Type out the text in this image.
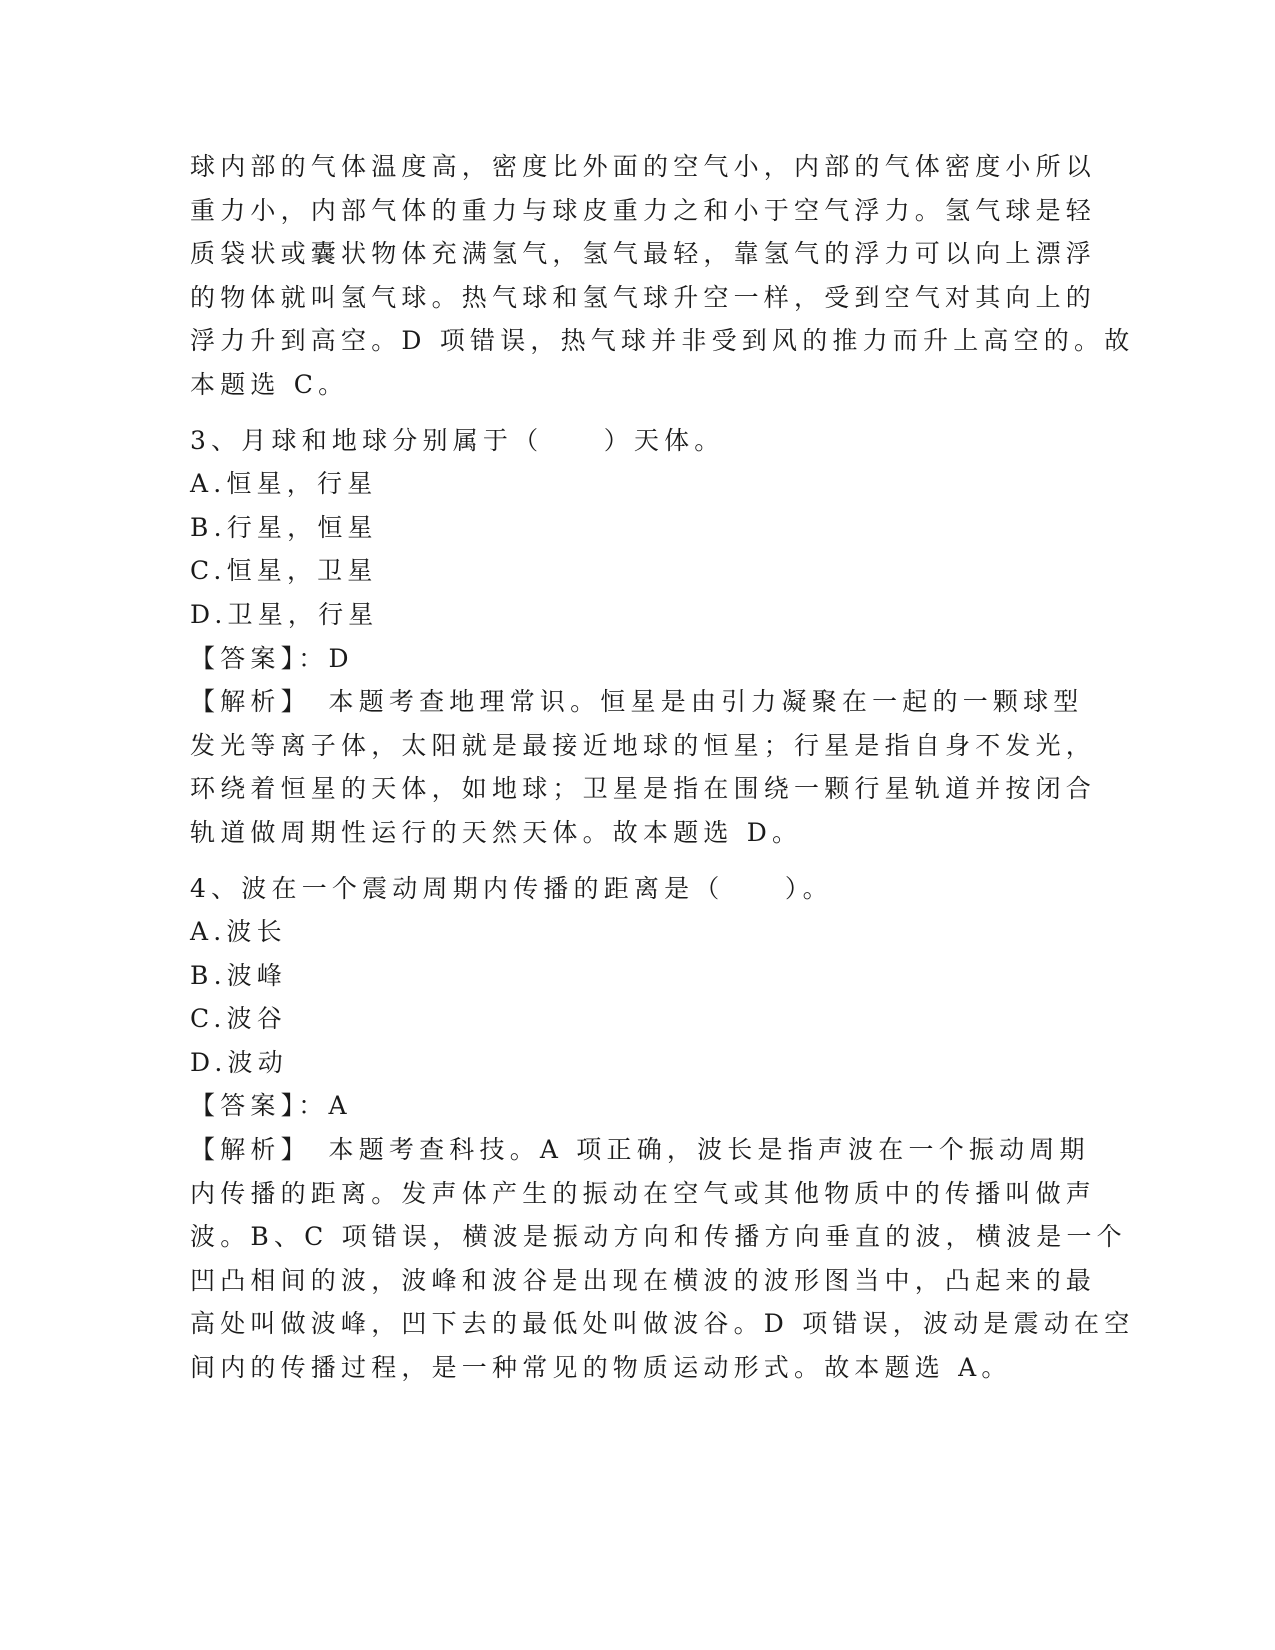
球内部的气体温度高，密度比外面的空气小，内部的气体密度小所以
重力小，内部气体的重力与球皮重力之和小于空气浮力。氢气球是轻
质袋状或囊状物体充满氢气，氢气最轻，靠氢气的浮力可以向上漂浮
的物体就叫氢气球。热气球和氢气球升空一样，受到空气对其向上的
浮力升到高空。D 项错误，热气球并非受到风的推力而升上高空的。故
本题选 C。
3、月球和地球分别属于（　　）天体。
A.恒星，行星
B.行星，恒星
C.恒星，卫星
D.卫星，行星
【答案】：D
【解析】　本题考查地理常识。恒星是由引力凝聚在一起的一颗球型
发光等离子体，太阳就是最接近地球的恒星；行星是指自身不发光，
环绕着恒星的天体，如地球；卫星是指在围绕一颗行星轨道并按闭合
轨道做周期性运行的天然天体。故本题选 D。
4、波在一个震动周期内传播的距离是（　　）。
A.波长
B.波峰
C.波谷
D.波动
【答案】：A
【解析】　本题考查科技。A 项正确，波长是指声波在一个振动周期
内传播的距离。发声体产生的振动在空气或其他物质中的传播叫做声
波。B、C 项错误，横波是振动方向和传播方向垂直的波，横波是一个
凹凸相间的波，波峰和波谷是出现在横波的波形图当中，凸起来的最
高处叫做波峰，凹下去的最低处叫做波谷。D 项错误，波动是震动在空
间内的传播过程，是一种常见的物质运动形式。故本题选 A。
